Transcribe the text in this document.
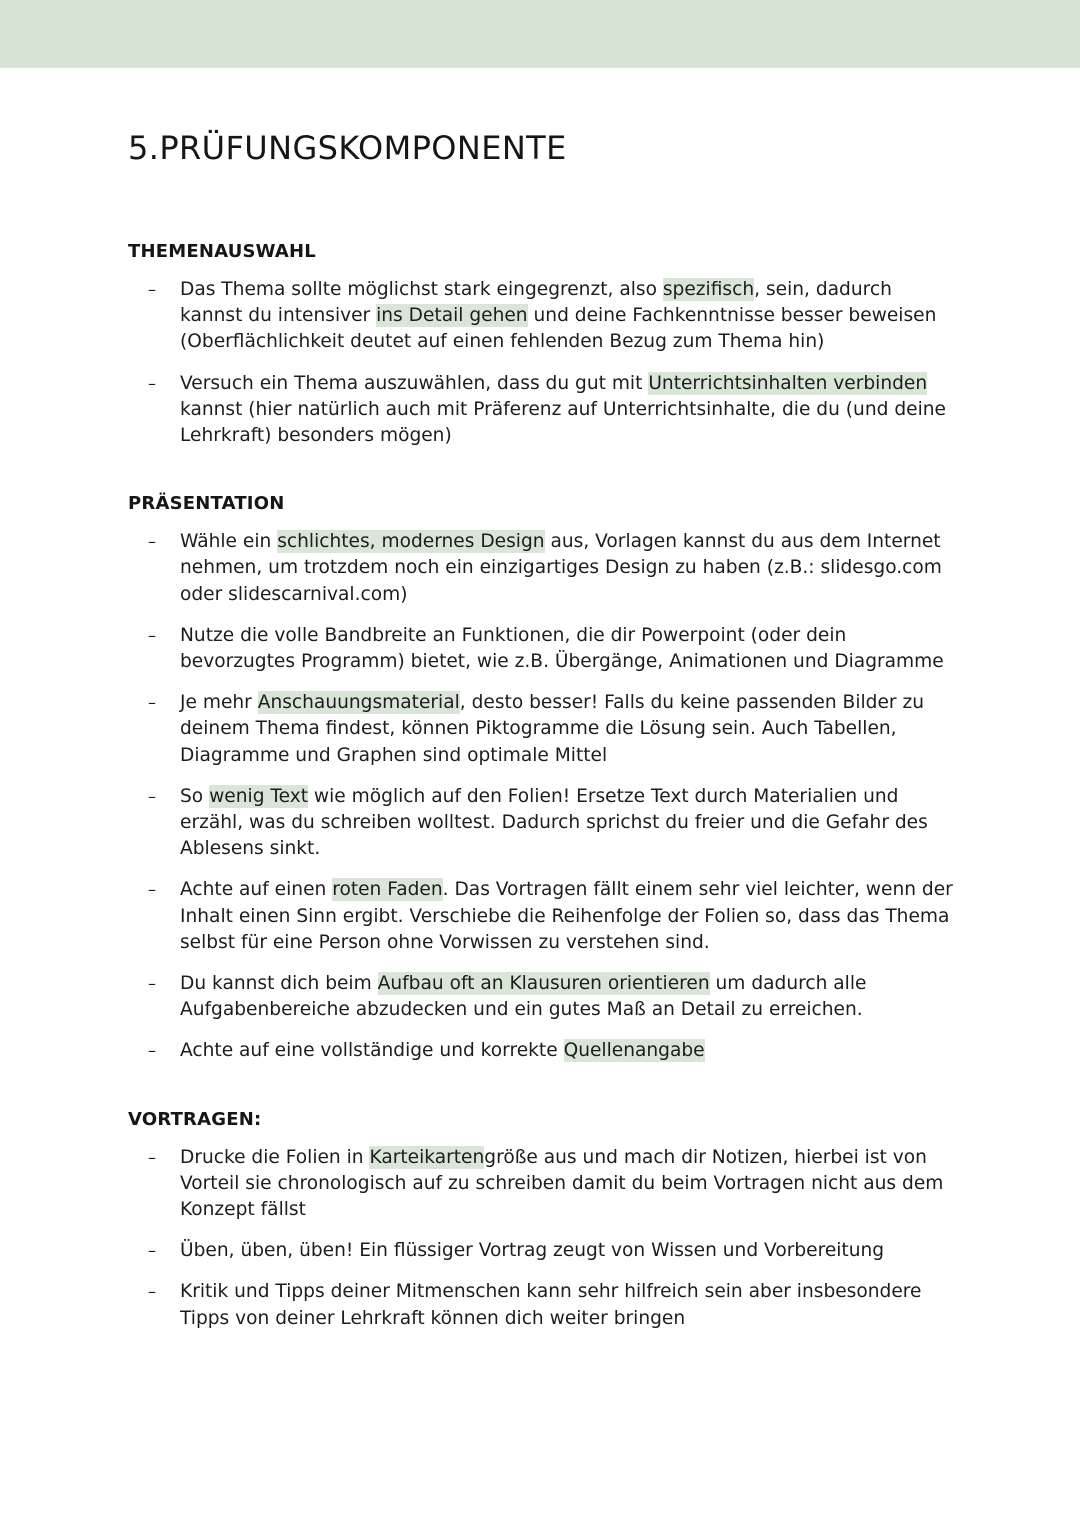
5.PRÜFUNGSKOMPONENTE
THEMENAUSWAHL
– Das Thema sollte möglichst stark eingegrenzt, also spezifisch, sein, dadurch kannst du intensiver ins Detail gehen und deine Fachkenntnisse besser beweisen (Oberflächlichkeit deutet auf einen fehlenden Bezug zum Thema hin)
– Versuch ein Thema auszuwählen, dass du gut mit Unterrichtsinhalten verbinden kannst (hier natürlich auch mit Präferenz auf Unterrichtsinhalte, die du (und deine Lehrkraft) besonders mögen)
PRÄSENTATION
– Wähle ein schlichtes, modernes Design aus, Vorlagen kannst du aus dem Internet nehmen, um trotzdem noch ein einzigartiges Design zu haben (z.B.: slidesgo.com oder slidescarnival.com)
– Nutze die volle Bandbreite an Funktionen, die dir Powerpoint (oder dein bevorzugtes Programm) bietet, wie z.B. Übergänge, Animationen und Diagramme
– Je mehr Anschauungsmaterial, desto besser! Falls du keine passenden Bilder zu deinem Thema findest, können Piktogramme die Lösung sein. Auch Tabellen, Diagramme und Graphen sind optimale Mittel
– So wenig Text wie möglich auf den Folien! Ersetze Text durch Materialien und erzähl, was du schreiben wolltest. Dadurch sprichst du freier und die Gefahr des Ablesens sinkt.
– Achte auf einen roten Faden. Das Vortragen fällt einem sehr viel leichter, wenn der Inhalt einen Sinn ergibt. Verschiebe die Reihenfolge der Folien so, dass das Thema selbst für eine Person ohne Vorwissen zu verstehen sind.
– Du kannst dich beim Aufbau oft an Klausuren orientieren um dadurch alle Aufgabenbereiche abzudecken und ein gutes Maß an Detail zu erreichen.
– Achte auf eine vollständige und korrekte Quellenangabe
VORTRAGEN:
– Drucke die Folien in Karteikartengröße aus und mach dir Notizen, hierbei ist von Vorteil sie chronologisch auf zu schreiben damit du beim Vortragen nicht aus dem Konzept fällst
– Üben, üben, üben! Ein flüssiger Vortrag zeugt von Wissen und Vorbereitung
– Kritik und Tipps deiner Mitmenschen kann sehr hilfreich sein aber insbesondere Tipps von deiner Lehrkraft können dich weiter bringen
